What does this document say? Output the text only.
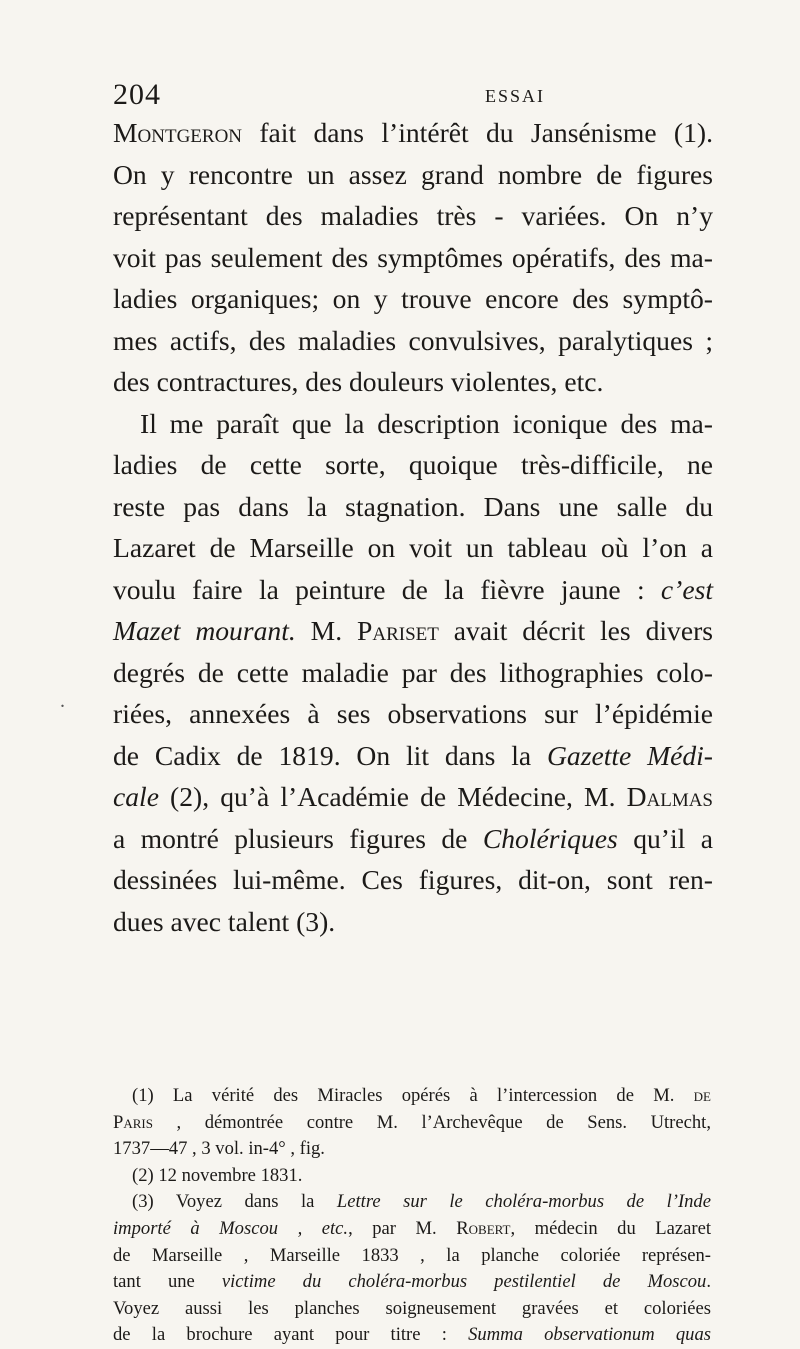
204	ESSAI
Montgeron fait dans l’intérêt du Jansénisme (1).
On y rencontre un assez grand nombre de figures
représentant des maladies très - variées. On n’y
voit pas seulement des symptômes opératifs, des ma-
ladies organiques; on y trouve encore des symptô-
mes actifs, des maladies convulsives, paralytiques ;
des contractures, des douleurs violentes, etc.
Il me paraît que la description iconique des ma-
ladies de cette sorte, quoique très-difficile, ne
reste pas dans la stagnation. Dans une salle du
Lazaret de Marseille on voit un tableau où l’on a
voulu faire la peinture de la fièvre jaune : c’est
Mazet mourant. M. Pariset avait décrit les divers
degrés de cette maladie par des lithographies colo-
riées, annexées à ses observations sur l’épidémie
de Cadix de 1819. On lit dans la Gazette Médi-
cale (2), qu’à l’Académie de Médecine, M. Dalmas
a montré plusieurs figures de Cholériques qu’il a
dessinées lui-même. Ces figures, dit-on, sont ren-
dues avec talent (3).
(1) La vérité des Miracles opérés à l’intercession de M. de
Paris , démontrée contre M. l’Archevêque de Sens. Utrecht,
1737—47 , 3 vol. in-4° , fig.
(2) 12 novembre 1831.
(3) Voyez dans la Lettre sur le choléra-morbus de l’Inde
importé à Moscou , etc., par M. Robert, médecin du Lazaret
de Marseille , Marseille 1833 , la planche coloriée représen-
tant une victime du choléra-morbus pestilentiel de Moscou.
Voyez aussi les planches soigneusement gravées et coloriées
de la brochure ayant pour titre : Summa observationum quas
.
